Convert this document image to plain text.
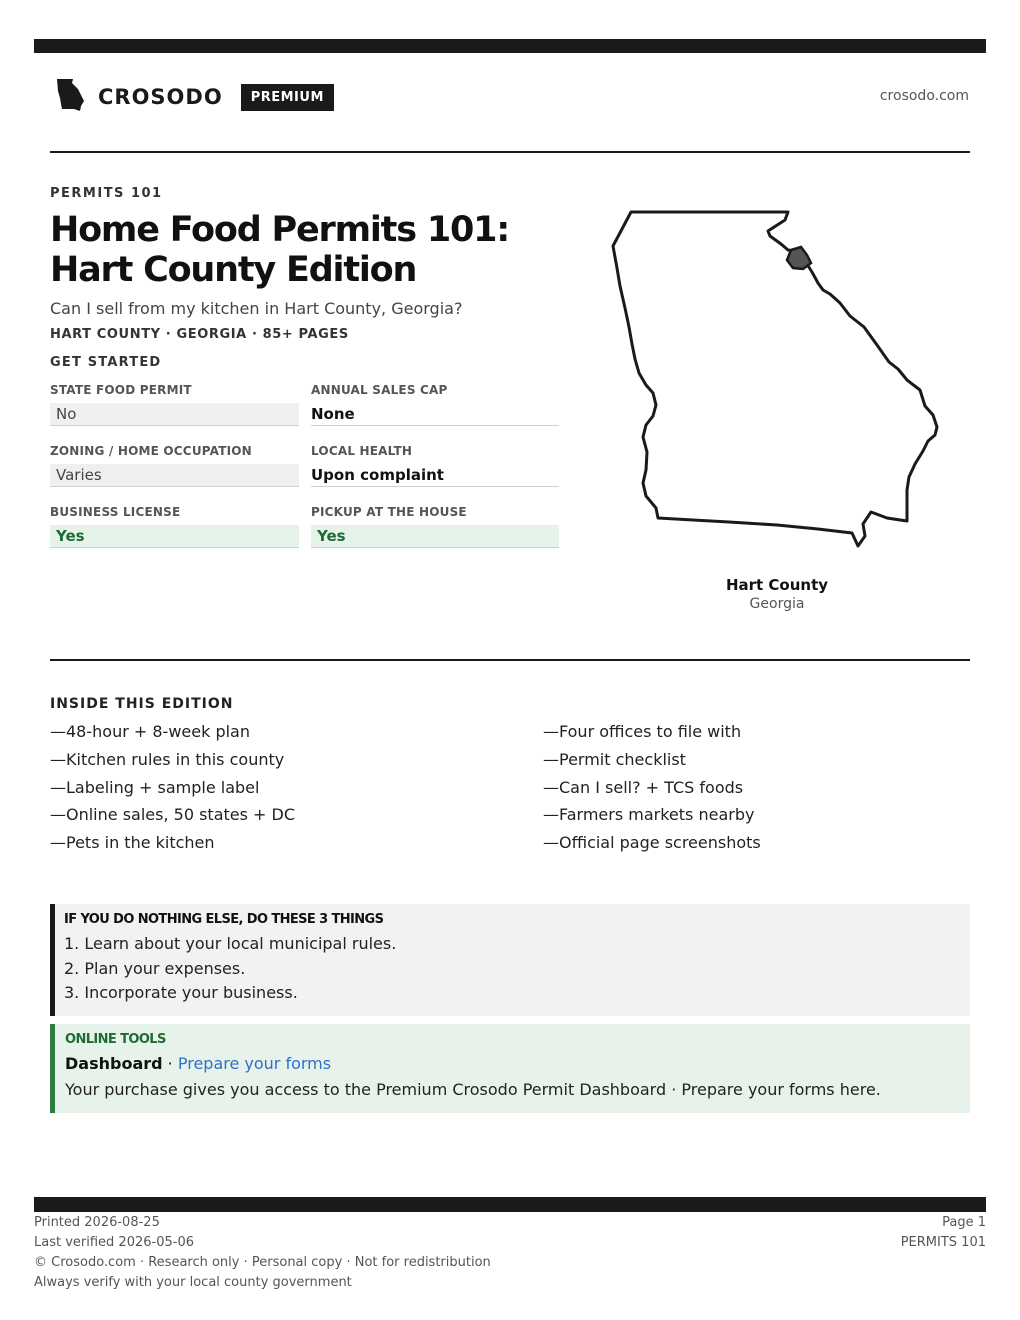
CROSODO	PREMIUM	crosodo.com
PERMITS 101
Home Food Permits 101: Hart County Edition
Can I sell from my kitchen in Hart County, Georgia?
HART COUNTY · GEORGIA · 85+ PAGES
GET STARTED
STATE FOOD PERMIT
No
ANNUAL SALES CAP
None
ZONING / HOME OCCUPATION
Varies
LOCAL HEALTH
Upon complaint
BUSINESS LICENSE
Yes
PICKUP AT THE HOUSE
Yes
Hart County
Georgia
INSIDE THIS EDITION
—48-hour + 8-week plan
—Kitchen rules in this county
—Labeling + sample label
—Online sales, 50 states + DC
—Pets in the kitchen
—Four offices to file with
—Permit checklist
—Can I sell? + TCS foods
—Farmers markets nearby
—Official page screenshots
IF YOU DO NOTHING ELSE, DO THESE 3 THINGS
1. Learn about your local municipal rules.
2. Plan your expenses.
3. Incorporate your business.
ONLINE TOOLS
Dashboard · Prepare your forms
Your purchase gives you access to the Premium Crosodo Permit Dashboard · Prepare your forms here.
Printed 2026-08-25
Last verified 2026-05-06
© Crosodo.com · Research only · Personal copy · Not for redistribution
Always verify with your local county government
Page 1
PERMITS 101
